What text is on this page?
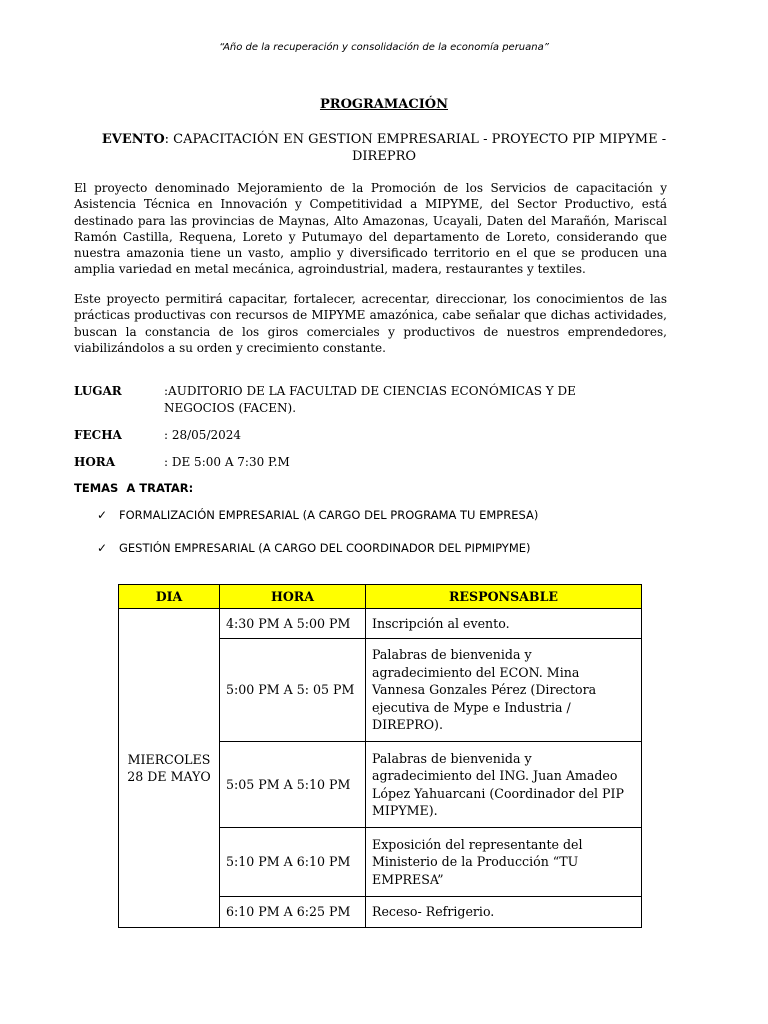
“Año de la recuperación y consolidación de la economía peruana”
PROGRAMACIÓN
EVENTO: CAPACITACIÓN EN GESTION EMPRESARIAL - PROYECTO PIP MIPYME - DIREPRO

El proyecto denominado Mejoramiento de la Promoción de los Servicios de capacitación y Asistencia Técnica en Innovación y Competitividad a MIPYME, del Sector Productivo, está destinado para las provincias de Maynas, Alto Amazonas, Ucayali, Daten del Marañón, Mariscal Ramón Castilla, Requena, Loreto y Putumayo del departamento de Loreto, considerando que nuestra amazonia tiene un vasto, amplio y diversificado territorio en el que se producen una amplia variedad en metal mecánica, agroindustrial, madera, restaurantes y textiles.

Este proyecto permitirá capacitar, fortalecer, acrecentar, direccionar, los conocimientos de las prácticas productivas con recursos de MIPYME amazónica, cabe señalar que dichas actividades, buscan la constancia de los giros comerciales y productivos de nuestros emprendedores, viabilizándolos a su orden y crecimiento constante.

LUGAR	:AUDITORIO DE LA FACULTAD DE CIENCIAS ECONÓMICAS Y DE NEGOCIOS (FACEN).
FECHA	: 28/05/2024
HORA	: DE 5:00 A 7:30 P.M
TEMAS  A TRATAR:
✓ FORMALIZACIÓN EMPRESARIAL (A CARGO DEL PROGRAMA TU EMPRESA)
✓ GESTIÓN EMPRESARIAL (A CARGO DEL COORDINADOR DEL PIPMIPYME)
DIA	HORA	RESPONSABLE
MIERCOLES 28 DE MAYO	4:30 PM A 5:00 PM	Inscripción al evento.
	5:00 PM A 5: 05 PM	Palabras de bienvenida y agradecimiento del ECON. Mina Vannesa Gonzales Pérez (Directora ejecutiva de Mype e Industria / DIREPRO).
	5:05 PM A 5:10 PM	Palabras de bienvenida y agradecimiento del ING. Juan Amadeo López Yahuarcani (Coordinador del PIP MIPYME).
	5:10 PM A 6:10 PM	Exposición del representante del Ministerio de la Producción “TU EMPRESA”
	6:10 PM A 6:25 PM	Receso- Refrigerio.
